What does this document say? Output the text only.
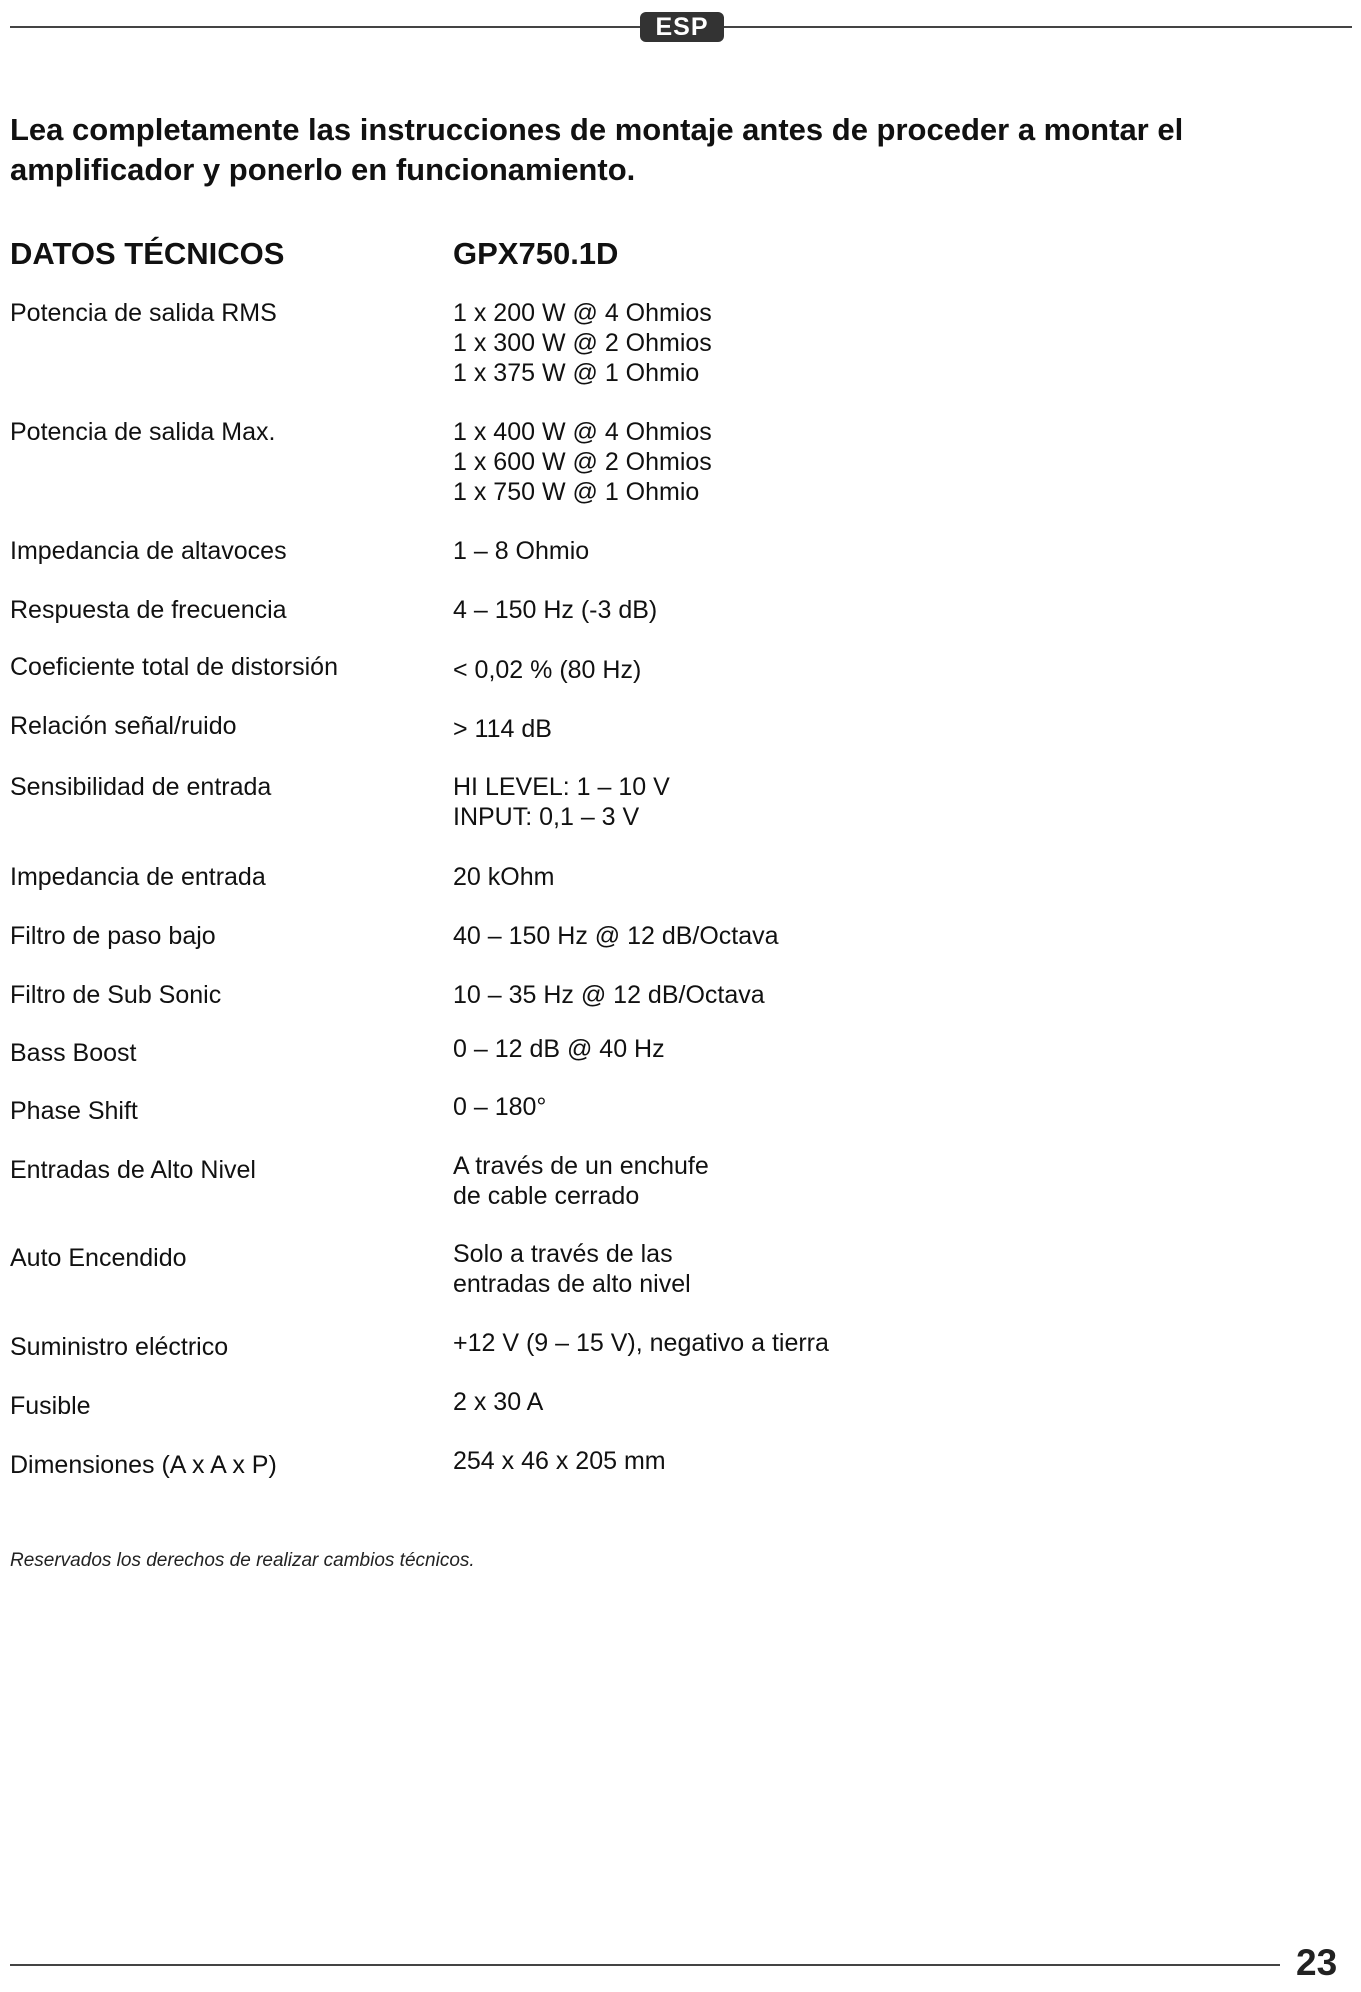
ESP
Lea completamente las instrucciones de montaje antes de proceder a montar el amplificador y ponerlo en funcionamiento.
DATOS TÉCNICOS	GPX750.1D
Potencia de salida RMS	1 x 200 W @ 4 Ohmios
1 x 300 W @ 2 Ohmios
1 x 375 W @ 1 Ohmio
Potencia de salida Max.	1 x 400 W @ 4 Ohmios
1 x 600 W @ 2 Ohmios
1 x 750 W @ 1 Ohmio
Impedancia de altavoces	1 – 8 Ohmio
Respuesta de frecuencia	4 – 150 Hz (-3 dB)
Coeficiente total de distorsión	< 0,02 % (80 Hz)
Relación señal/ruido	> 114 dB
Sensibilidad de entrada	HI LEVEL: 1 – 10 V
INPUT: 0,1 – 3 V
Impedancia de entrada	20 kOhm
Filtro de paso bajo	40 – 150 Hz @ 12 dB/Octava
Filtro de Sub Sonic	10 – 35 Hz @ 12 dB/Octava
Bass Boost	0 – 12 dB @ 40 Hz
Phase Shift	0 – 180°
Entradas de Alto Nivel	A través de un enchufe
de cable cerrado
Auto Encendido	Solo a través de las
entradas de alto nivel
Suministro eléctrico	+12 V (9 – 15 V), negativo a tierra
Fusible	2 x 30 A
Dimensiones (A x A x P)	254 x 46 x 205 mm
Reservados los derechos de realizar cambios técnicos.
23
